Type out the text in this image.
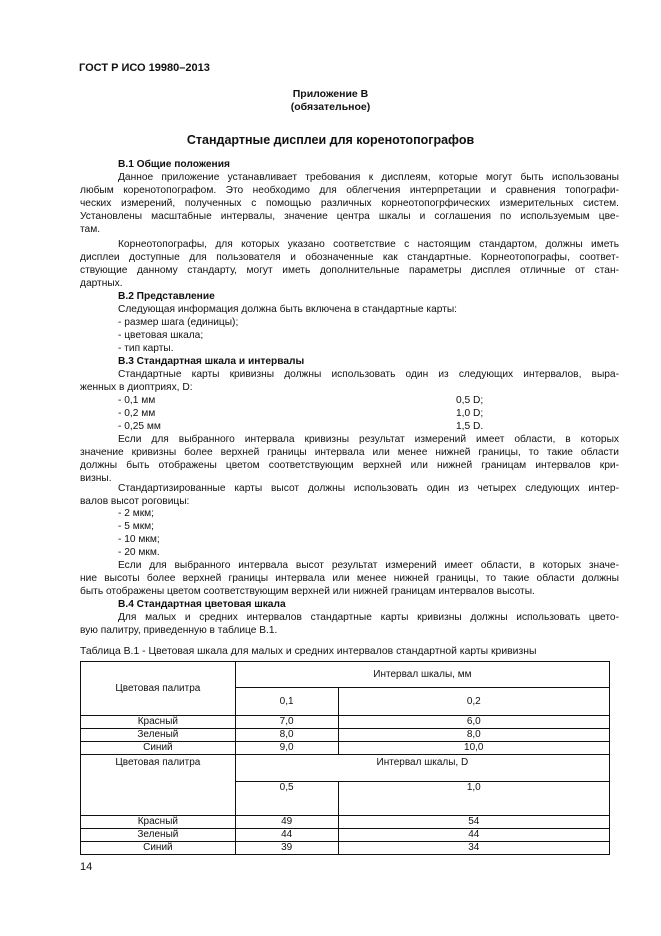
ГОСТ Р ИСО 19980–2013
Приложение В
(обязательное)
Стандартные дисплеи для коренотопографов
В.1 Общие положения
Данное приложение устанавливает требования к дисплеям, которые могут быть использованы
любым коренотопографом. Это необходимо для облегчения интерпретации и сравнения топографи-
ческих измерений, полученных с помощью различных корнеотопогрфических измерительных систем.
Установлены масштабные интервалы, значение центра шкалы и соглашения по используемым цве-
там.
Корнеотопографы, для которых указано соответствие с настоящим стандартом, должны иметь
дисплеи доступные для пользователя и обозначенные как стандартные. Корнеотопографы, соответ-
ствующие данному стандарту, могут иметь дополнительные параметры дисплея отличные от стан-
дартных.
В.2 Представление
Следующая информация должна быть включена в стандартные карты:
- размер шага (единицы);
- цветовая шкала;
- тип карты.
В.3 Стандартная шкала и интервалы
Стандартные карты кривизны должны использовать один из следующих интервалов, выра-
женных в диоптриях, D:
- 0,1 мм	0,5 D;
- 0,2 мм	1,0 D;
- 0,25 мм	1,5 D.
Если для выбранного интервала кривизны результат измерений имеет области, в которых
значение кривизны более верхней границы интервала или менее нижней границы, то такие области
должны быть отображены цветом соответствующим верхней или нижней границам интервалов кри-
визны.
Стандартизированные карты высот должны использовать один из четырех следующих интер-
валов высот роговицы:
- 2 мкм;
- 5 мкм;
- 10 мкм;
- 20 мкм.
Если для выбранного интервала высот результат измерений имеет области, в которых значе-
ние высоты более верхней границы интервала или менее нижней границы, то такие области должны
быть отображены цветом соответствующим верхней или нижней границам интервалов высоты.
В.4 Стандартная цветовая шкала
Для малых и средних интервалов стандартные карты кривизны должны использовать цвето-
вую палитру, приведенную в таблице В.1.
Таблица В.1 - Цветовая шкала для малых и средних интервалов стандартной карты кривизны
Цветовая палитра	Интервал шкалы, мм	
	0,1	0,2
Красный	7,0	6,0
Зеленый	8,0	8,0
Синий	9,0	10,0
Цветовая палитра	Интервал шкалы, D	
	0,5	1,0
Красный	49	54
Зеленый	44	44
Синий	39	34
14
